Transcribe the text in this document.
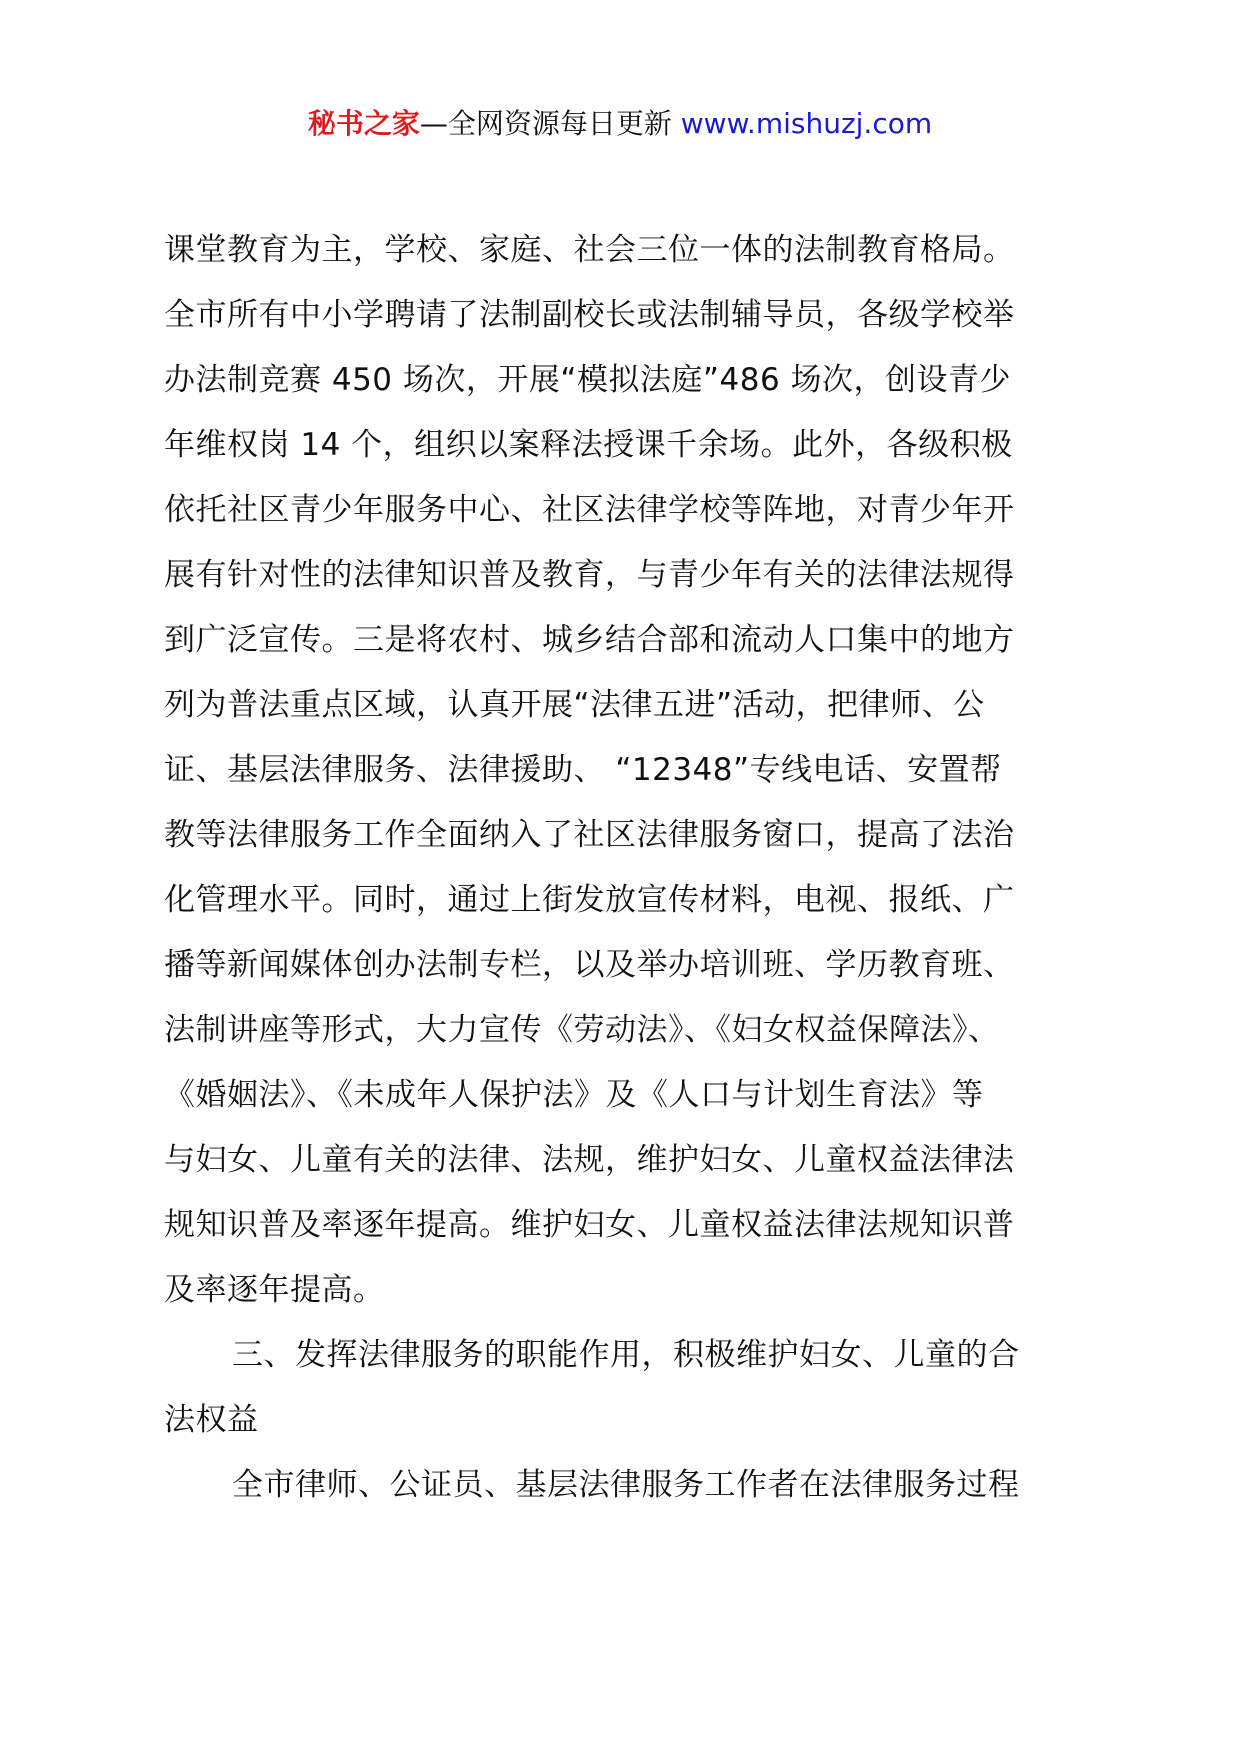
秘书之家—全网资源每日更新 www.mishuzj.com
课堂教育为主，学校、家庭、社会三位一体的法制教育格局。
全市所有中小学聘请了法制副校长或法制辅导员，各级学校举
办法制竞赛 450 场次，开展“模拟法庭”486 场次，创设青少
年维权岗 14 个，组织以案释法授课千余场。此外，各级积极
依托社区青少年服务中心、社区法律学校等阵地，对青少年开
展有针对性的法律知识普及教育，与青少年有关的法律法规得
到广泛宣传。三是将农村、城乡结合部和流动人口集中的地方
列为普法重点区域，认真开展“法律五进”活动，把律师、公
证、基层法律服务、法律援助、 “12348”专线电话、安置帮
教等法律服务工作全面纳入了社区法律服务窗口，提高了法治
化管理水平。同时，通过上街发放宣传材料，电视、报纸、广
播等新闻媒体创办法制专栏，以及举办培训班、学历教育班、
法制讲座等形式，大力宣传《劳动法》、《妇女权益保障法》、
《婚姻法》、《未成年人保护法》及《人口与计划生育法》等
与妇女、儿童有关的法律、法规，维护妇女、儿童权益法律法
规知识普及率逐年提高。维护妇女、儿童权益法律法规知识普
及率逐年提高。
三、发挥法律服务的职能作用，积极维护妇女、儿童的合
法权益
全市律师、公证员、基层法律服务工作者在法律服务过程
